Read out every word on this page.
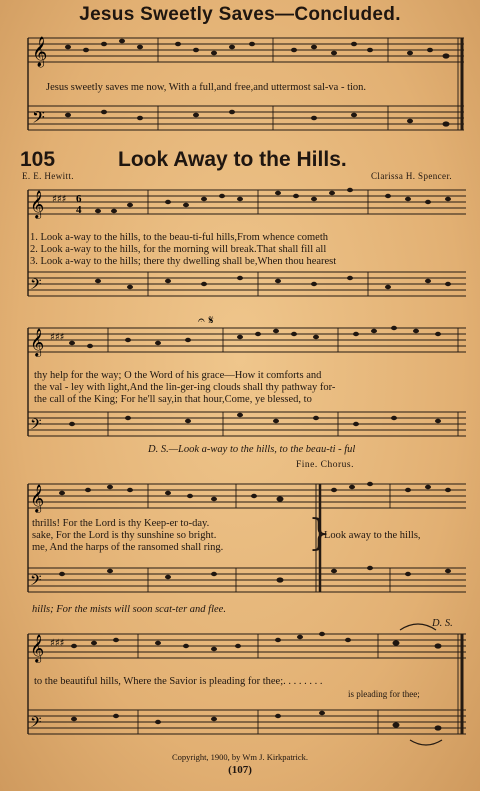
Jesus Sweetly Saves—Concluded.
𝄞
𝄢
Jesus sweetly saves me now, With a full,and free,and uttermost sal-va - tion.
105	Look Away to the Hills.
E. E. Hewitt.	Clarissa H. Spencer.
𝄞
𝄢
♯♯♯ 6
4
1. Look a-way to the hills, to the beau-ti-ful hills,From whence cometh
2. Look a-way to the hills, for the morning will break.That shall fill all
3. Look a-way to the hills; there thy dwelling shall be,When thou hearest
𝄞
𝄢
♯♯♯
𝄐 𝄋
thy help for the way; O the Word of his grace—How it comforts and
the val - ley with light,And the lin-ger-ing clouds shall thy pathway for-
the call of the King; For he'll say,in that hour,Come, ye blessed, to
D. S.—Look a-way to the hills, to the beau-ti - ful
Fine. Chorus.
𝄞
𝄢
thrills! For the Lord is thy Keep-er to-day.
sake, For the Lord is thy sunshine so bright.
me, And the harps of the ransomed shall ring. }
Look away to the hills,
hills; For the mists will soon scat-ter and flee.
D. S.
𝄞
𝄢
♯♯♯
to the beautiful hills, Where the Savior is pleading for thee;. . . . . . . .
is pleading for thee;
Copyright, 1900, by Wm J. Kirkpatrick.
(107)
